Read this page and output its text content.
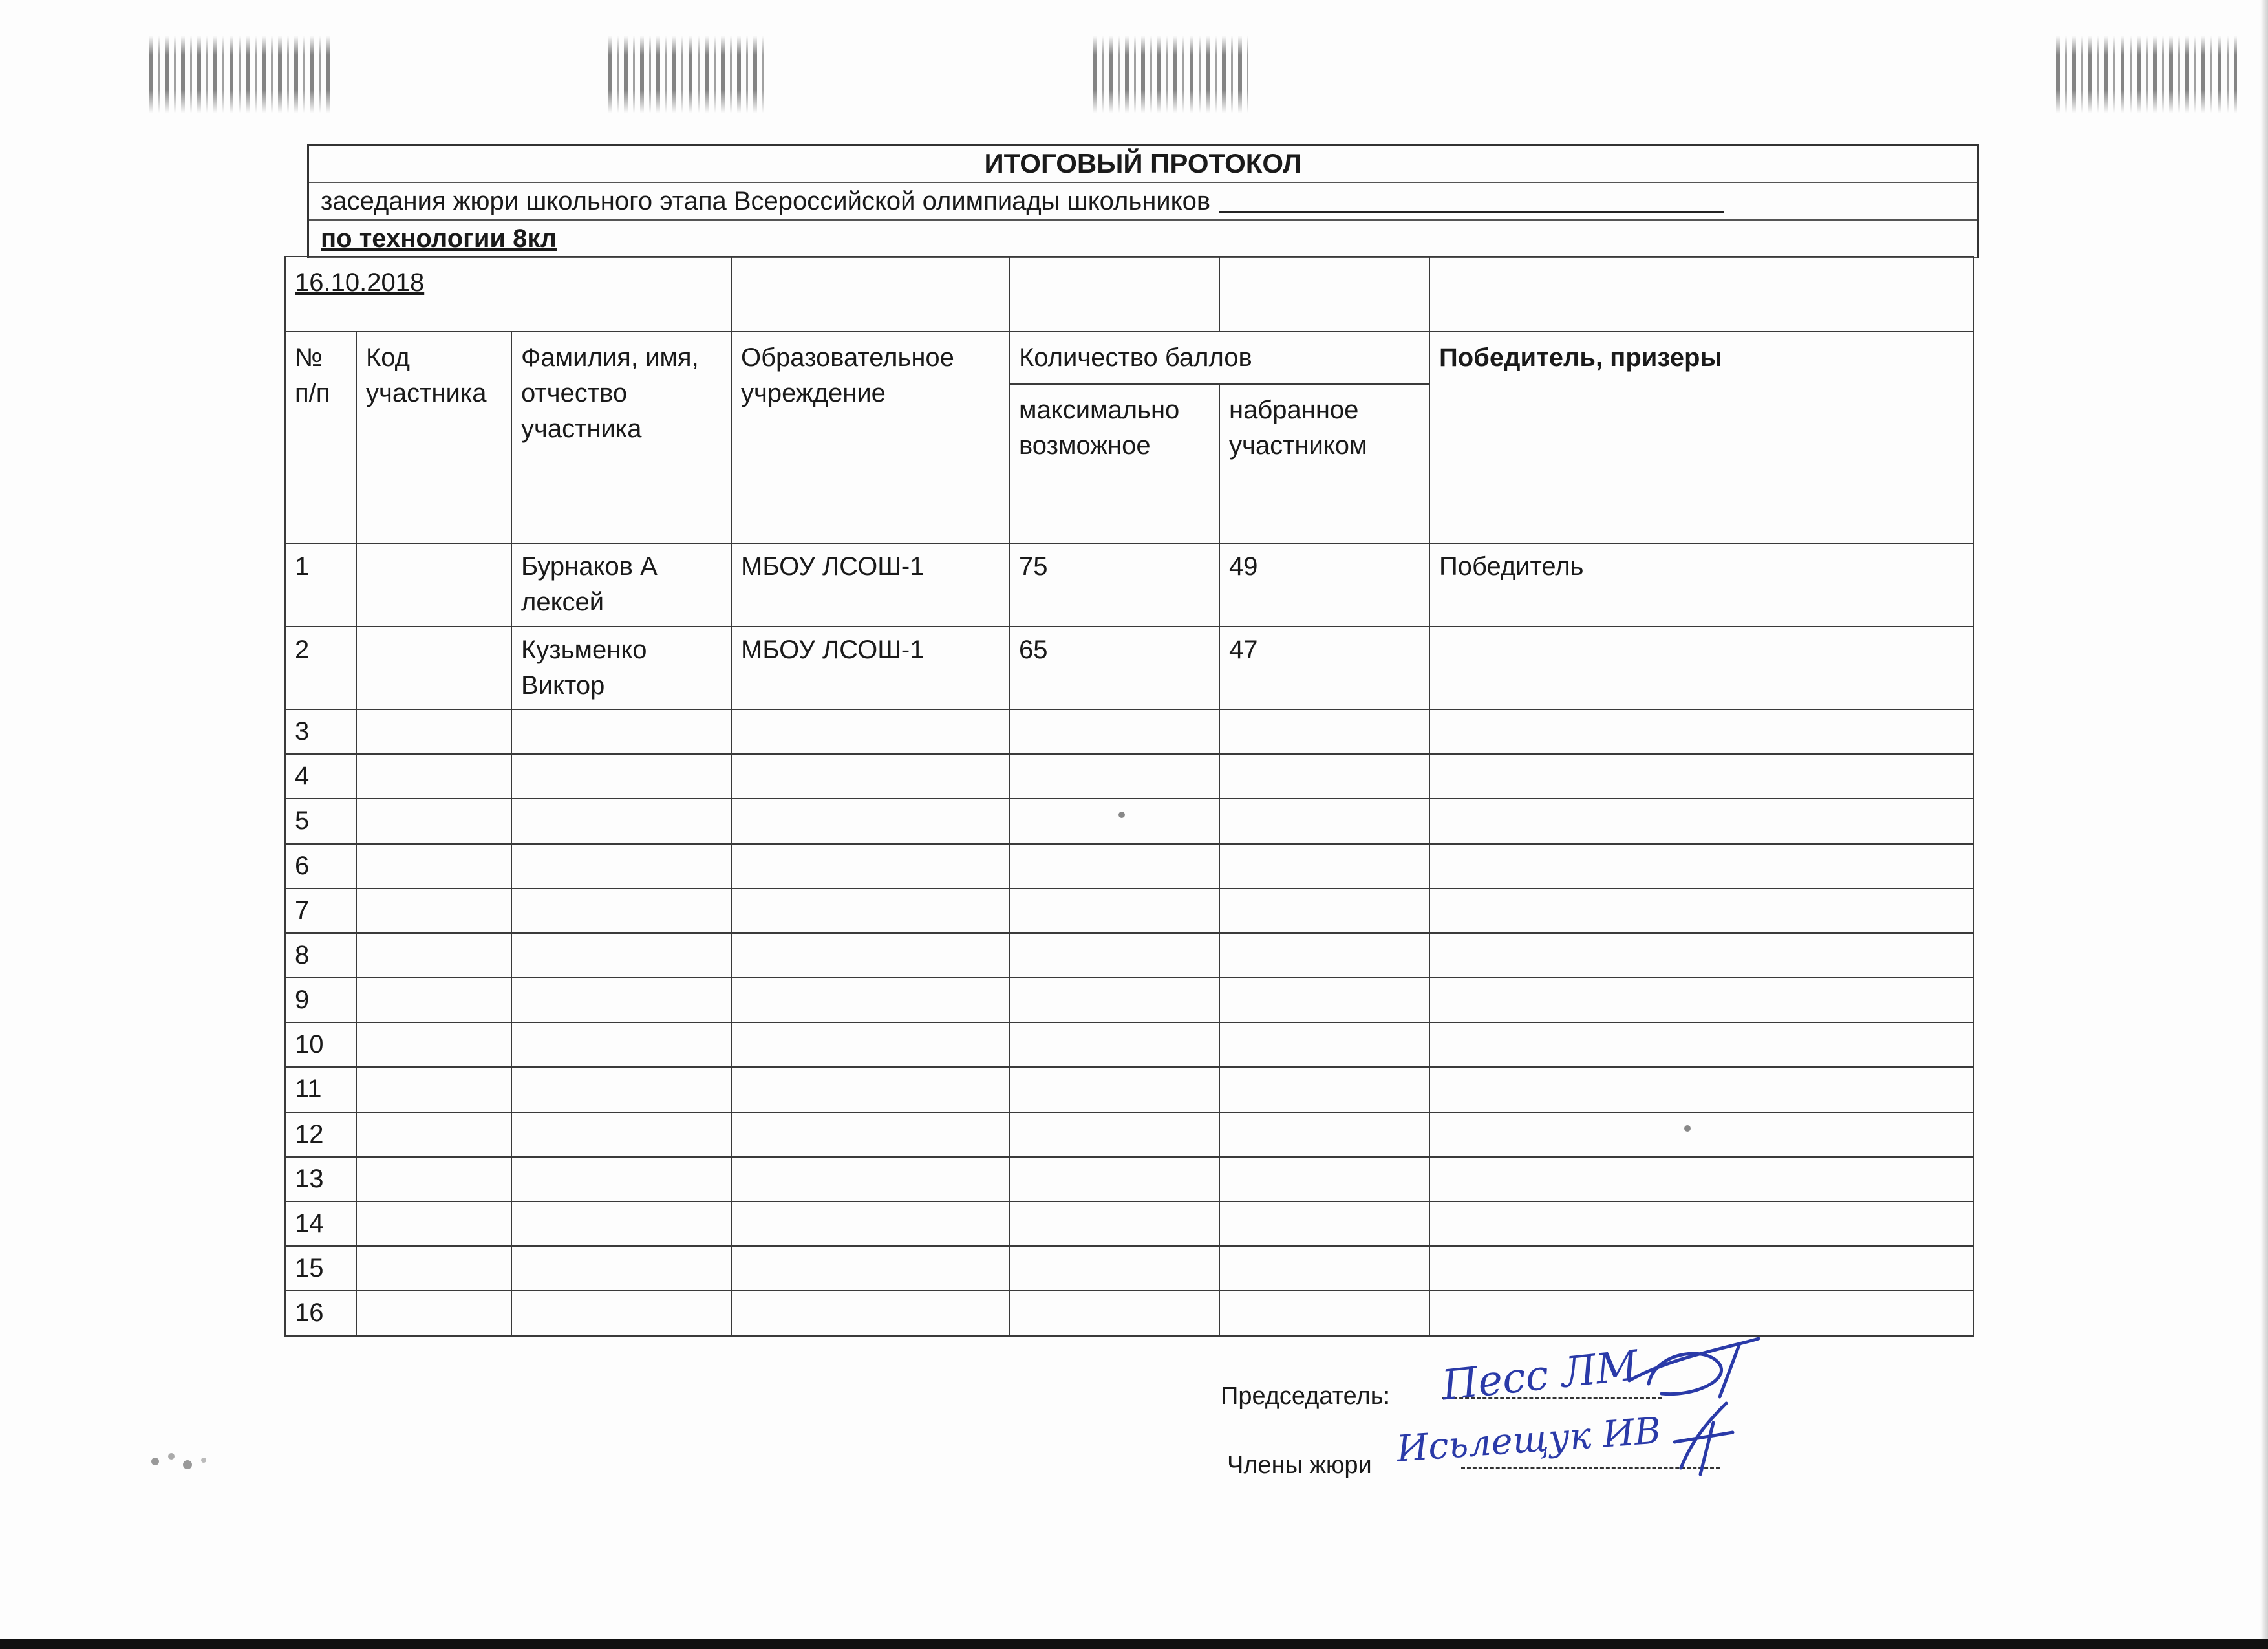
ИТОГОВЫЙ ПРОТОКОЛ
заседания жюри школьного этапа Всероссийской олимпиады школьников
по технологии 8кл
16.10.2018						
№ п/п	Код участника	Фамилия, имя, отчество участника	Образовательное учреждение	Количество баллов		Победитель, призеры
				максимально возможное	набранное участником	
1		Бурнаков А лексей	МБОУ ЛСОШ-1	75	49	Победитель
2		Кузьменко Виктор	МБОУ ЛСОШ-1	65	47	
3						
4						
5						
6						
7						
8						
9						
10						
11						
12						
13						
14						
15						
16						
Председатель: Песс ЛМ
Члены жюри Исьлещук ИВ
